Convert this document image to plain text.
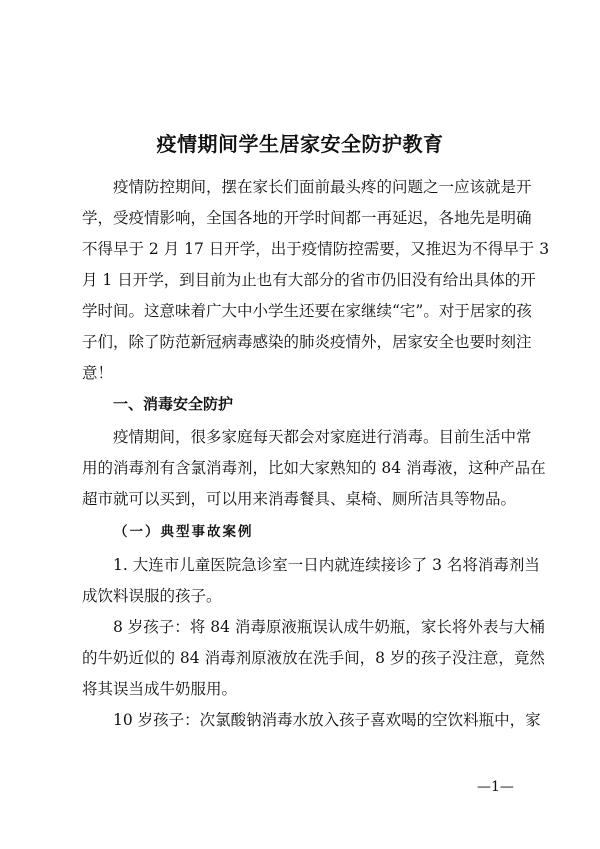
疫情期间学生居家安全防护教育

疫情防控期间，摆在家长们面前最头疼的问题之一应该就是开

学，受疫情影响，全国各地的开学时间都一再延迟，各地先是明确

不得早于 2 月 17 日开学，出于疫情防控需要，又推迟为不得早于 3

月 1 日开学，到目前为止也有大部分的省市仍旧没有给出具体的开

学时间。这意味着广大中小学生还要在家继续“宅”。对于居家的孩

子们，除了防范新冠病毒感染的肺炎疫情外，居家安全也要时刻注

意！

一、消毒安全防护

疫情期间，很多家庭每天都会对家庭进行消毒。目前生活中常

用的消毒剂有含氯消毒剂，比如大家熟知的 84 消毒液，这种产品在

超市就可以买到，可以用来消毒餐具、桌椅、厕所洁具等物品。

（一）典型事故案例

1. 大连市儿童医院急诊室一日内就连续接诊了 3 名将消毒剂当

成饮料误服的孩子。

8 岁孩子：将 84 消毒原液瓶误认成牛奶瓶，家长将外表与大桶

的牛奶近似的 84 消毒剂原液放在洗手间，8 岁的孩子没注意，竟然

将其误当成牛奶服用。

10 岁孩子：次氯酸钠消毒水放入孩子喜欢喝的空饮料瓶中，家

—1—
